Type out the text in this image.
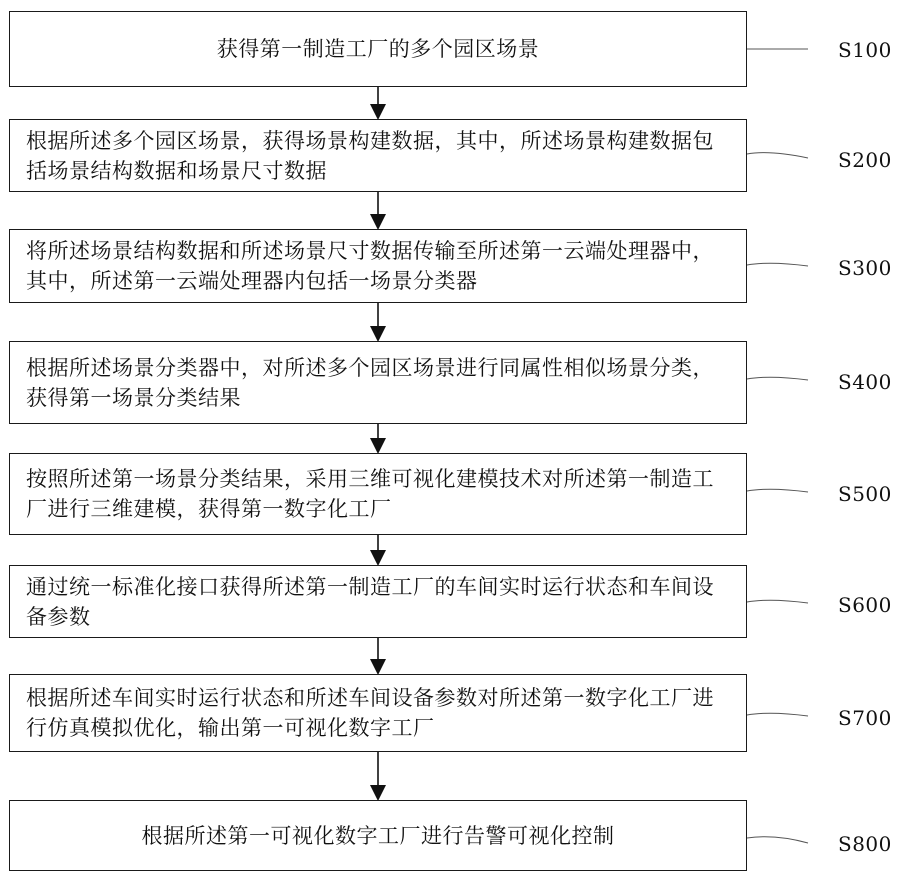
获得第一制造工厂的多个园区场景	S100
根据所述多个园区场景，获得场景构建数据，其中，所述场景构建数据包括场景结构数据和场景尺寸数据	S200
将所述场景结构数据和所述场景尺寸数据传输至所述第一云端处理器中，其中，所述第一云端处理器内包括一场景分类器
S300
根据所述场景分类器中，对所述多个园区场景进行同属性相似场景分类，获得第一场景分类结果
S400
按照所述第一场景分类结果，采用三维可视化建模技术对所述第一制造工厂进行三维建模，获得第一数字化工厂
S500
通过统一标准化接口获得所述第一制造工厂的车间实时运行状态和车间设备参数	S600
根据所述车间实时运行状态和所述车间设备参数对所述第一数字化工厂进行仿真模拟优化，输出第一可视化数字工厂	S700
根据所述第一可视化数字工厂进行告警可视化控制	S800
